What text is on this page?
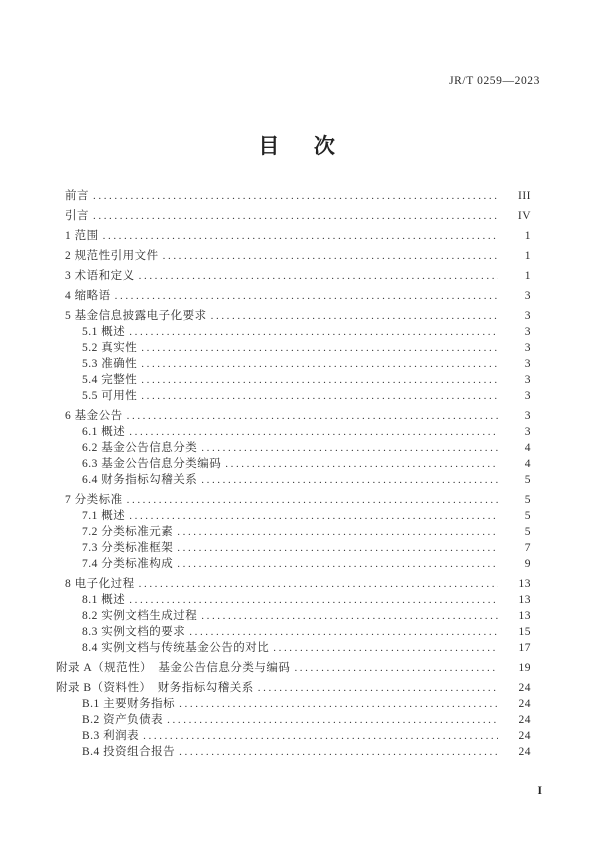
JR/T 0259—2023
目　次
前言 .....	III
引言 .....	IV
1 范围 .....	1
2 规范性引用文件 .....	1
3 术语和定义 .....	1
4 缩略语 .....	3
5 基金信息披露电子化要求 .....	3
5.1 概述 .....	3
5.2 真实性 .....	3
5.3 准确性 .....	3
5.4 完整性 .....	3
5.5 可用性 .....	3
6 基金公告 .....	3
6.1 概述 .....	3
6.2 基金公告信息分类 .....	4
6.3 基金公告信息分类编码 .....	4
6.4 财务指标勾稽关系 .....	5
7 分类标准 .....	5
7.1 概述 .....	5
7.2 分类标准元素 .....	5
7.3 分类标准框架 .....	7
7.4 分类标准构成 .....	9
8 电子化过程 .....	13
8.1 概述 .....	13
8.2 实例文档生成过程 .....	13
8.3 实例文档的要求 .....	15
8.4 实例文档与传统基金公告的对比 .....	17
附录 A（规范性）　基金公告信息分类与编码 .....	19
附录 B（资料性）　财务指标勾稽关系 .....	24
B.1 主要财务指标 .....	24
B.2 资产负债表 .....	24
B.3 利润表 .....	24
B.4 投资组合报告 .....	24
I
